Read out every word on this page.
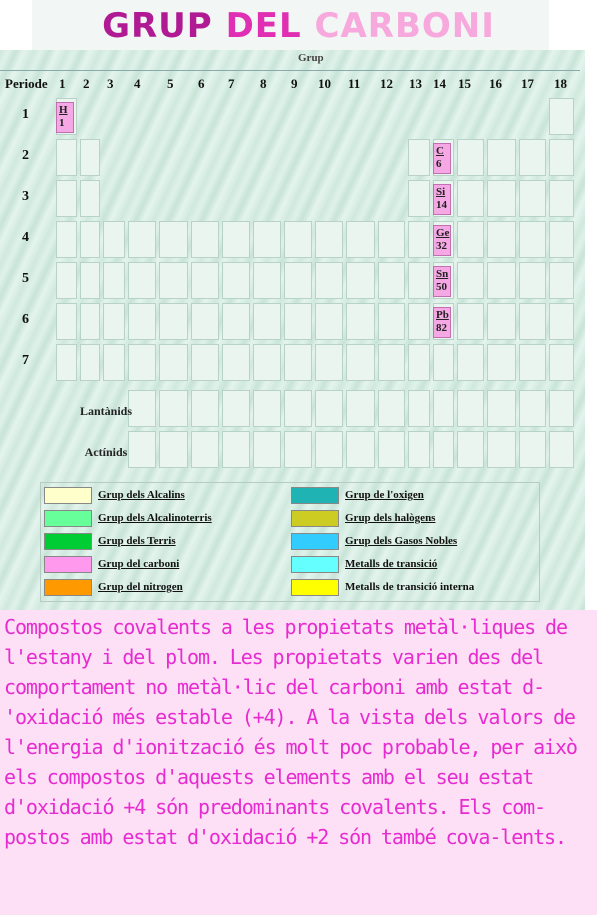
GRUP DEL CARBONI
Grup
Periode 1 2 3 4 5 6 7 8 9 10 11 12 13 14 15 16 17 18
1
2
3
4
5
6
7
H
1
C
6
Si
14
Ge
32
Sn
50
Pb
82
Lantànids
Actínids
Grup dels Alcalins
Grup dels Alcalinoterris
Grup dels Terris
Grup del carboni
Grup del nitrogen
Grup de l'oxigen
Grup dels halògens
Grup dels Gasos Nobles
Metalls de transició
Metalls de transició interna

Compostos covalents a les propietats metàl·liques de l'estany i del plom. Les propietats varien des del comportament no metàl·lic del carboni amb estat d-'oxidació més estable (+4). A la vista dels valors de l'energia d'ionització és molt poc probable, per això els compostos d'aquests elements amb el seu estat d'oxidació +4 són predominants covalents. Els com-postos amb estat d'oxidació +2 són també cova-lents.
